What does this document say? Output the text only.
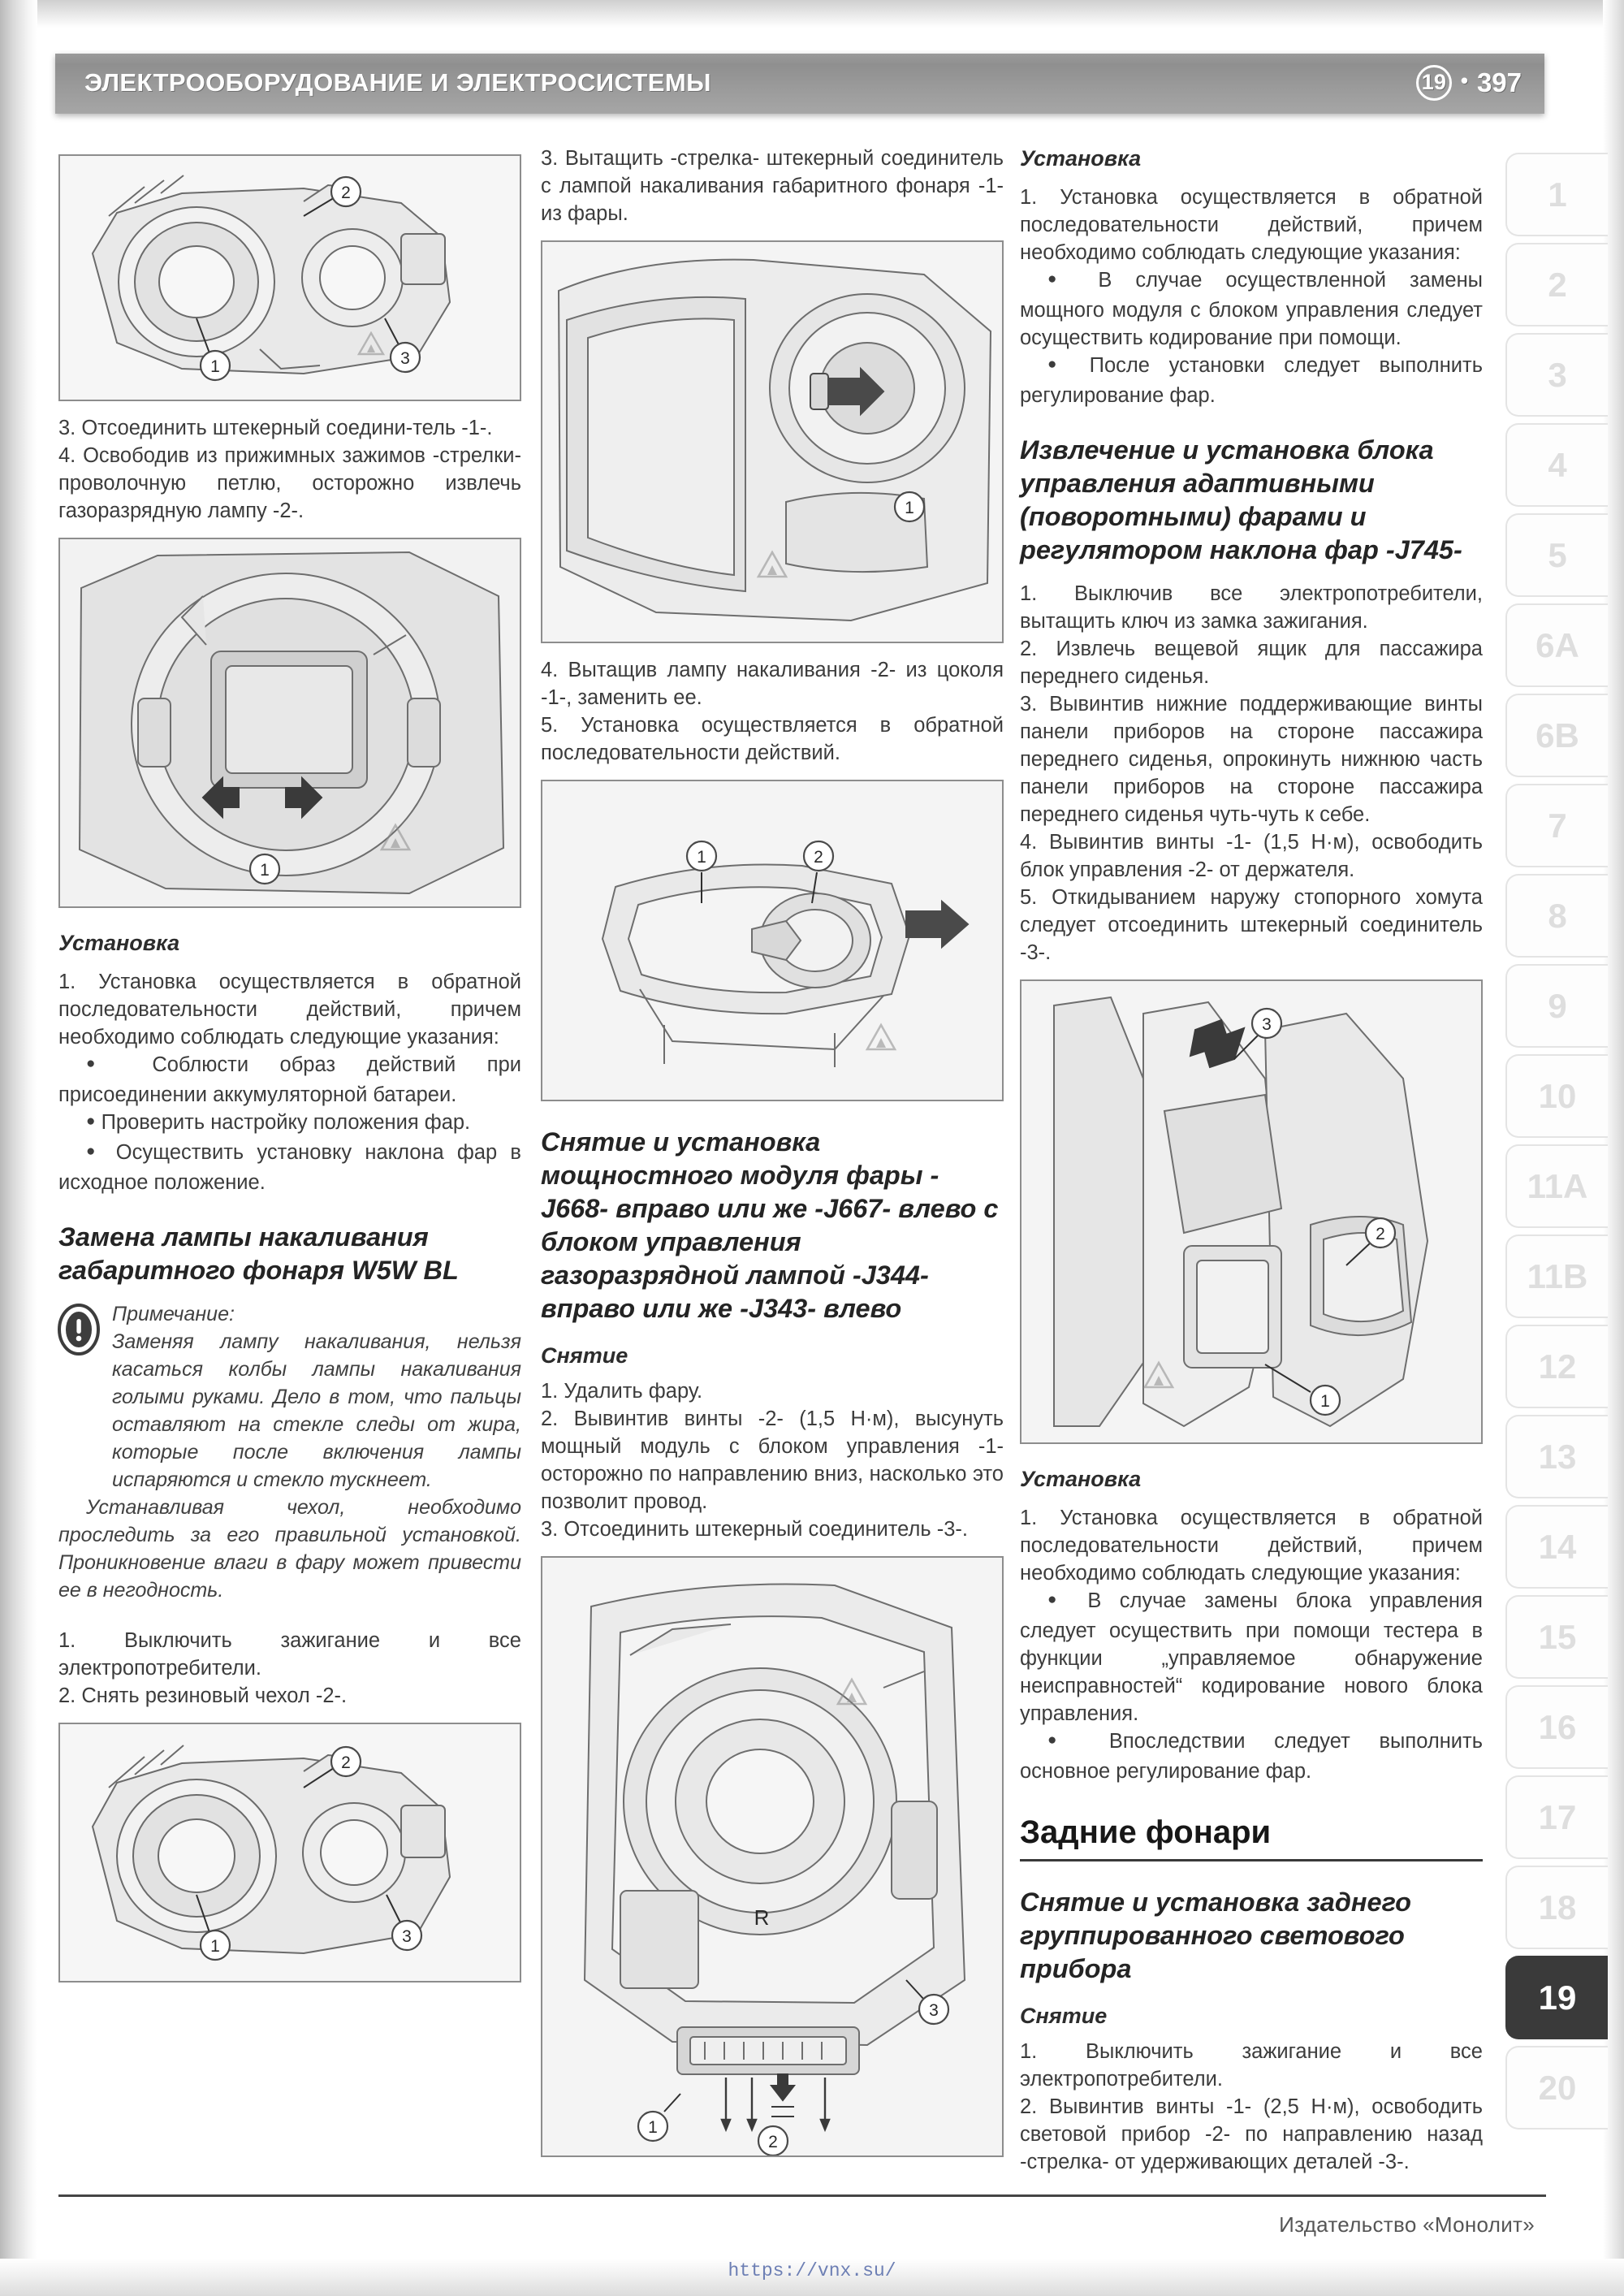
ЭЛЕКТРООБОРУДОВАНИЕ И ЭЛЕКТРОСИСТЕМЫ	19 • 397
2
1	3

3. Отсоединить штекерный соедини-тель -1-.

4. Освободив из прижимных зажимов -стрелки- проволочную петлю, осторожно извлечь газоразрядную лампу -2-.

1
Установка

1. Установка осуществляется в обратной последовательности действий, причем необходимо соблюдать следующие указания:

● Соблюсти образ действий при присоединении аккумуляторной батареи.

● Проверить настройку положения фар.

● Осуществить установку наклона фар в исходное положение.

Замена лампы накаливания габаритного фонаря W5W BL

Примечание:

Заменяя лампу накаливания, нельзя касаться колбы лампы накаливания голыми руками. Дело в том, что пальцы оставляют на стекле следы от жира, которые после включения лампы испаряются и стекло тускнеет.

Устанавливая чехол, необходимо проследить за его правильной установкой. Проникновение влаги в фару может привести ее в негодность.

1. Выключить зажигание и все электропотребители.

2. Снять резиновый чехол -2-.

2
1
3

3. Вытащить -стрелка- штекерный соединитель с лампой накаливания габаритного фонаря -1- из фары.

1

4. Вытащив лампу накаливания -2- из цоколя -1-, заменить ее.

5. Установка осуществляется в обратной последовательности действий.

1	2
Снятие и установка мощностного модуля фары -J668- вправо или же -J667- влево с блоком управления газоразрядной лампой -J344- вправо или же -J343- влево
Снятие

1. Удалить фару.

2. Вывинтив винты -2- (1,5 Н·м), высунуть мощный модуль с блоком управления -1- осторожно по направлению вниз, насколько это позволит провод.

3. Отсоединить штекерный соединитель -3-.

R
1
2
3
Установка

1. Установка осуществляется в обратной последовательности действий, причем необходимо соблюдать следующие указания:

● В случае осуществленной замены мощного модуля с блоком управления следует осуществить кодирование при помощи.

● После установки следует выполнить регулирование фар.

Извлечение и установка блока управления адаптивными (поворотными) фарами и регулятором наклона фар -J745-

1. Выключив все электропотребители, вытащить ключ из замка зажигания.

2. Извлечь вещевой ящик для пассажира переднего сиденья.

3. Вывинтив нижние поддерживающие винты панели приборов на стороне пассажира переднего сиденья, опрокинуть нижнюю часть панели приборов на стороне пассажира переднего сиденья чуть-чуть к себе.

4. Вывинтив винты -1- (1,5 Н·м), освободить блок управления -2- от держателя.

5. Откидыванием наружу стопорного хомута следует отсоединить штекерный соединитель -3-.

3
2
1
Установка

1. Установка осуществляется в обратной последовательности действий, причем необходимо соблюдать следующие указания:

● В случае замены блока управления следует осуществить при помощи тестера в функции „управляемое обнаружение неисправностей“ кодирование нового блока управления.

● Впоследствии следует выполнить основное регулирование фар.

Задние фонари
Снятие и установка заднего группированного светового прибора
Снятие

1. Выключить зажигание и все электропотребители.

2. Вывинтив винты -1- (2,5 Н·м), освободить световой прибор -2- по направлению назад -стрелка- от удерживающих деталей -3-.

1
2
3
4
5
6A
6B
7
8
9
10
11A
11B
12
13
14
15
16
17
18
19
20
Издательство «Монолит»
https://vnx.su/
